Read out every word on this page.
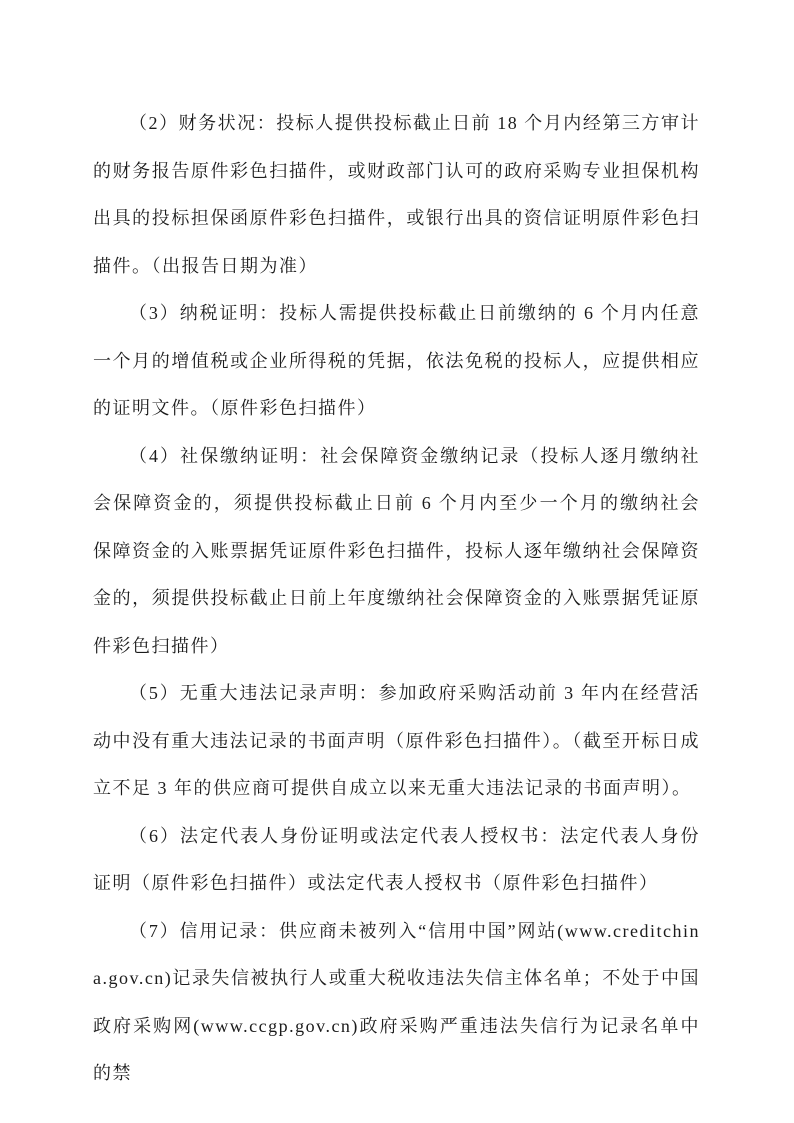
（2）财务状况：投标人提供投标截止日前 18 个月内经第三方审计的财务报告原件彩色扫描件，或财政部门认可的政府采购专业担保机构出具的投标担保函原件彩色扫描件，或银行出具的资信证明原件彩色扫描件。（出报告日期为准）

（3）纳税证明：投标人需提供投标截止日前缴纳的 6 个月内任意一个月的增值税或企业所得税的凭据，依法免税的投标人，应提供相应的证明文件。（原件彩色扫描件）

（4）社保缴纳证明：社会保障资金缴纳记录（投标人逐月缴纳社会保障资金的，须提供投标截止日前 6 个月内至少一个月的缴纳社会保障资金的入账票据凭证原件彩色扫描件，投标人逐年缴纳社会保障资金的，须提供投标截止日前上年度缴纳社会保障资金的入账票据凭证原件彩色扫描件）

（5）无重大违法记录声明：参加政府采购活动前 3 年内在经营活动中没有重大违法记录的书面声明（原件彩色扫描件）。（截至开标日成立不足 3 年的供应商可提供自成立以来无重大违法记录的书面声明）。

（6）法定代表人身份证明或法定代表人授权书：法定代表人身份证明（原件彩色扫描件）或法定代表人授权书（原件彩色扫描件）

（7）信用记录：供应商未被列入“信用中国”网站(www.creditchina.gov.cn)记录失信被执行人或重大税收违法失信主体名单；不处于中国政府采购网(www.ccgp.gov.cn)政府采购严重违法失信行为记录名单中的禁
